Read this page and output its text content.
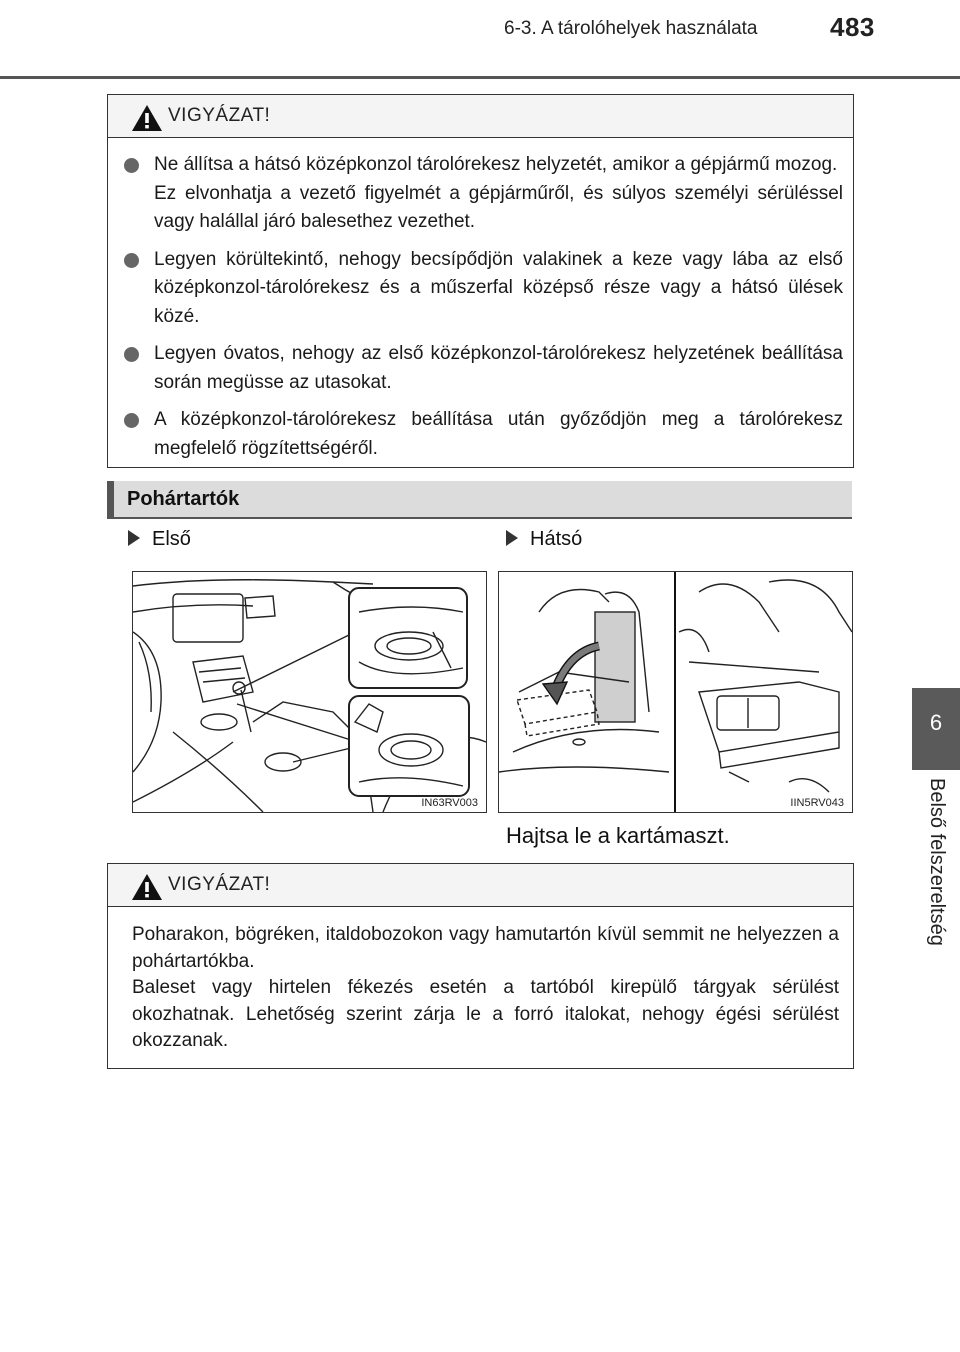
6-3. A tárolóhelyek használata	483
6
Belső felszereltség
VIGYÁZAT!
Ne állítsa a hátsó középkonzol tárolórekesz helyzetét, amikor a gépjármű mozog.
Ez elvonhatja a vezető figyelmét a gépjárműről, és súlyos személyi sérüléssel vagy halállal járó balesethez vezethet.
Legyen körültekintő, nehogy becsípődjön valakinek a keze vagy lába az első középkonzol-tárolórekesz és a műszerfal középső része vagy a hátsó ülések közé.
Legyen óvatos, nehogy az első középkonzol-tárolórekesz helyzetének beállítása során megüsse az utasokat.
A középkonzol-tárolórekesz beállítása után győződjön meg a tárolórekesz megfelelő rögzítettségéről.
Pohártartók
Első	Hátsó
IN63RV003	IIN5RV043
Hajtsa le a kartámaszt.
VIGYÁZAT!

Poharakon, bögréken, italdobozokon vagy hamutartón kívül semmit ne helyezzen a pohártartókba.
Baleset vagy hirtelen fékezés esetén a tartóból kirepülő tárgyak sérülést okozhatnak. Lehetőség szerint zárja le a forró italokat, nehogy égési sérülést okozzanak.
